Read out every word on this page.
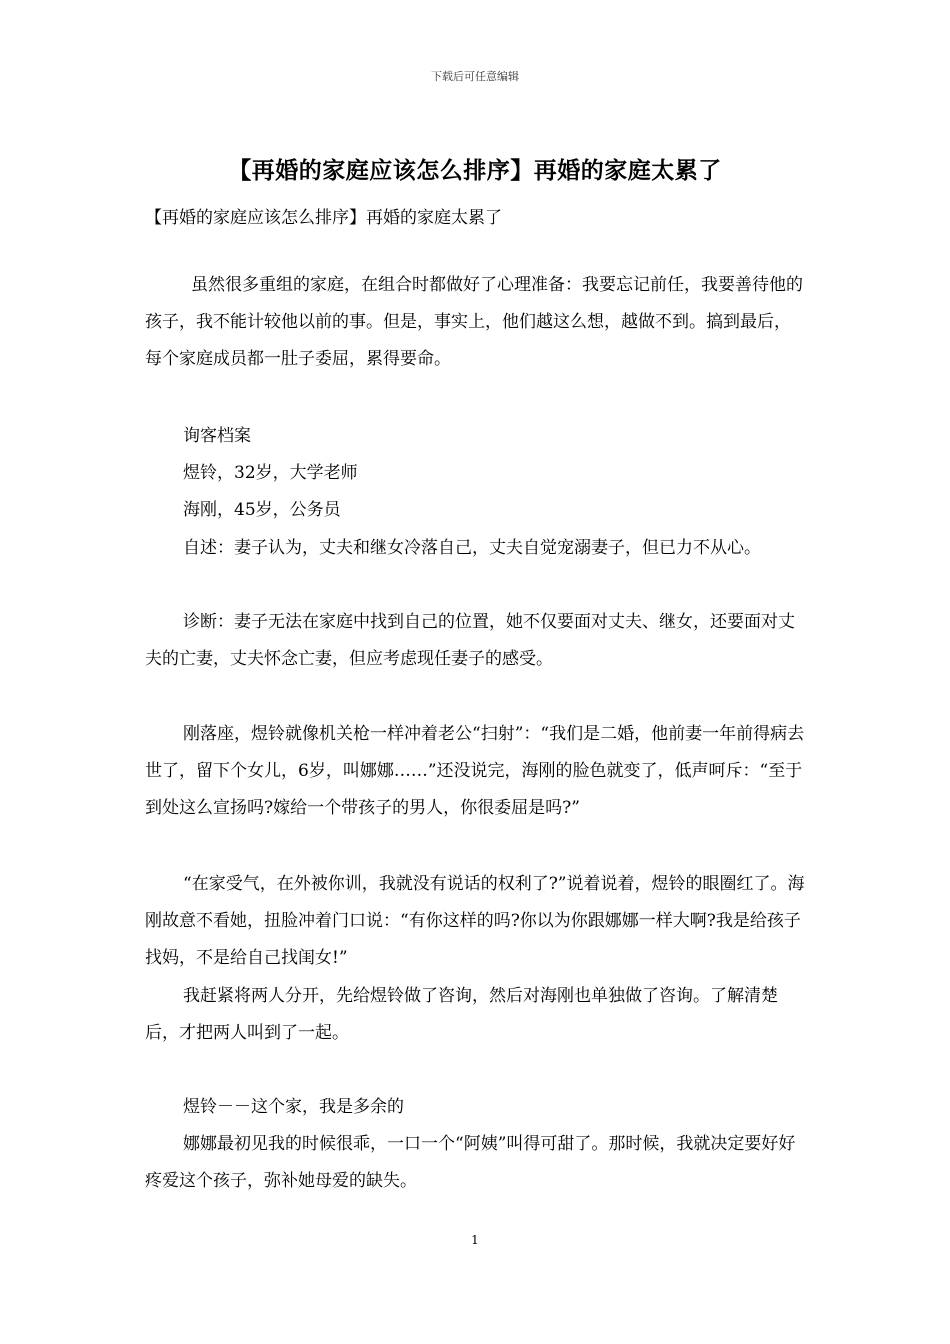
下载后可任意编辑
【再婚的家庭应该怎么排序】再婚的家庭太累了
【再婚的家庭应该怎么排序】再婚的家庭太累了

虽然很多重组的家庭，在组合时都做好了心理准备：我要忘记前任，我要善待他的孩子，我不能计较他以前的事。但是，事实上，他们越这么想，越做不到。搞到最后，每个家庭成员都一肚子委屈，累得要命。

询客档案

煜铃，32岁，大学老师

海刚，45岁，公务员

自述：妻子认为，丈夫和继女冷落自己，丈夫自觉宠溺妻子，但已力不从心。

诊断：妻子无法在家庭中找到自己的位置，她不仅要面对丈夫、继女，还要面对丈夫的亡妻，丈夫怀念亡妻，但应考虑现任妻子的感受。

刚落座，煜铃就像机关枪一样冲着老公“扫射”：“我们是二婚，他前妻一年前得病去世了，留下个女儿，6岁，叫娜娜……”还没说完，海刚的脸色就变了，低声呵斥：“至于到处这么宣扬吗?嫁给一个带孩子的男人，你很委屈是吗?”

“在家受气，在外被你训，我就没有说话的权利了?”说着说着，煜铃的眼圈红了。海刚故意不看她，扭脸冲着门口说：“有你这样的吗?你以为你跟娜娜一样大啊?我是给孩子找妈，不是给自己找闺女!”

我赶紧将两人分开，先给煜铃做了咨询，然后对海刚也单独做了咨询。了解清楚后，才把两人叫到了一起。

煜铃－－这个家，我是多余的

娜娜最初见我的时候很乖，一口一个“阿姨”叫得可甜了。那时候，我就决定要好好疼爱这个孩子，弥补她母爱的缺失。

1
